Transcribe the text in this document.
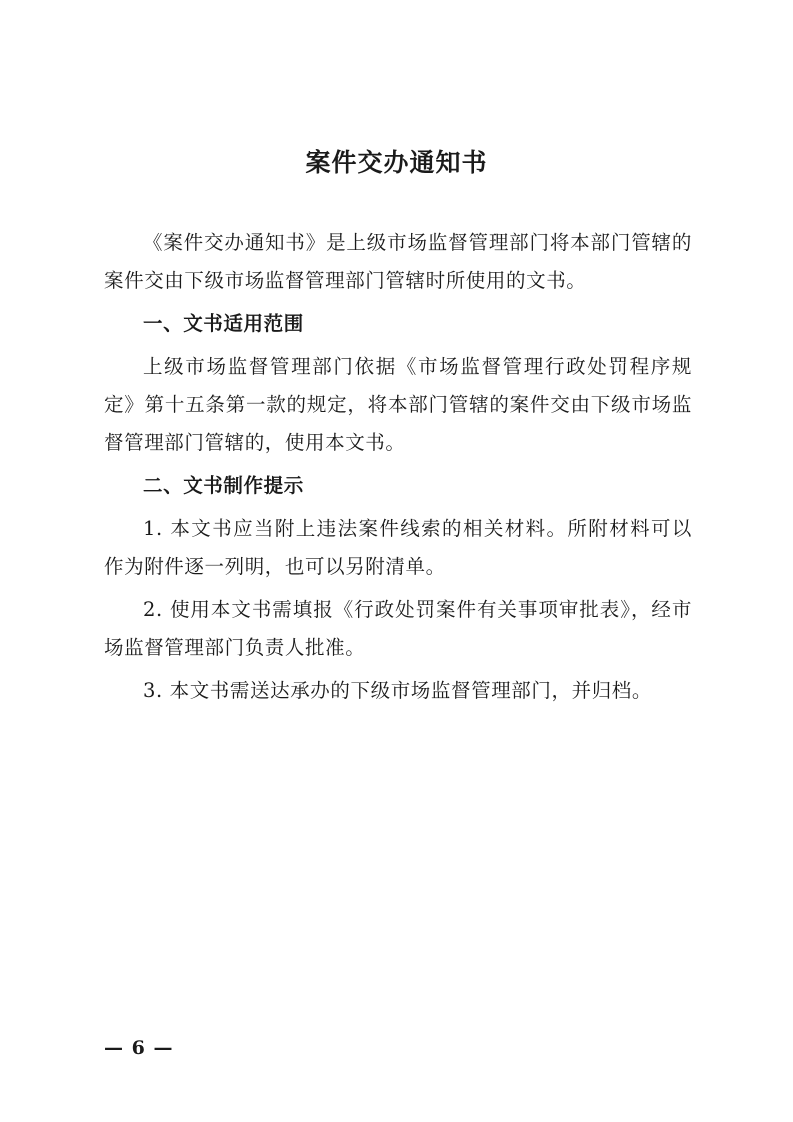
案件交办通知书

《案件交办通知书》是上级市场监督管理部门将本部门管辖的案件交由下级市场监督管理部门管辖时所使用的文书。

一、文书适用范围

上级市场监督管理部门依据《市场监督管理行政处罚程序规定》第十五条第一款的规定，将本部门管辖的案件交由下级市场监督管理部门管辖的，使用本文书。

二、文书制作提示

1. 本文书应当附上违法案件线索的相关材料。所附材料可以作为附件逐一列明，也可以另附清单。

2. 使用本文书需填报《行政处罚案件有关事项审批表》，经市场监督管理部门负责人批准。

3. 本文书需送达承办的下级市场监督管理部门，并归档。

— 6 —
